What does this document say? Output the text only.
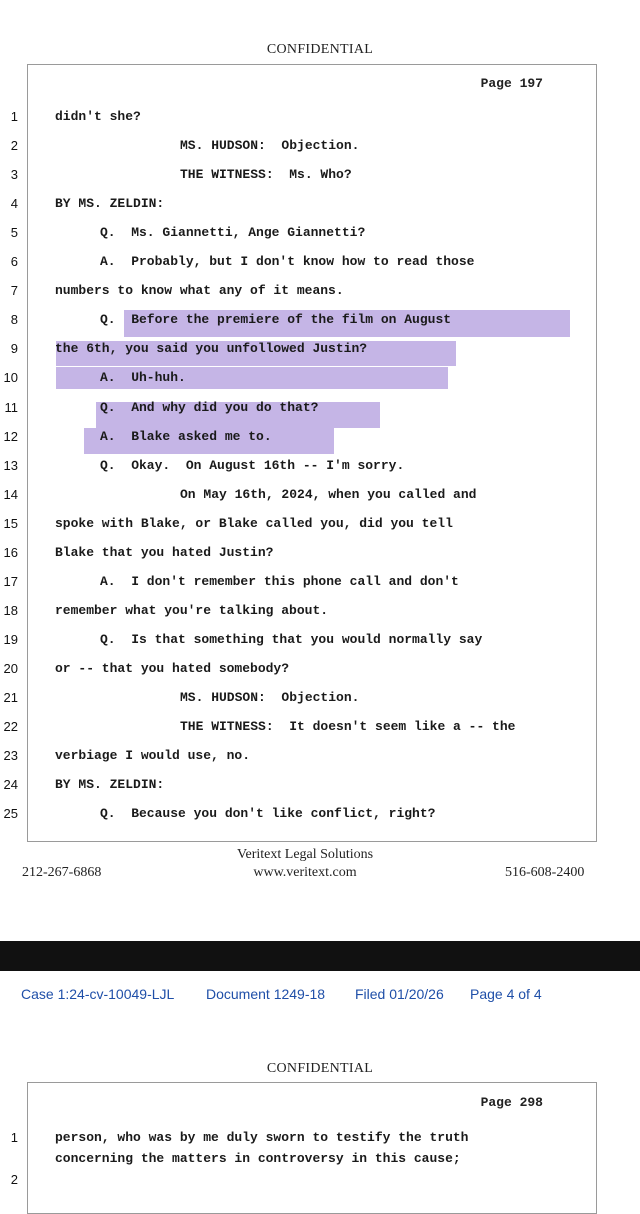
CONFIDENTIAL
Page 197
1	didn't she?
2	MS. HUDSON:  Objection.
3	THE WITNESS:  Ms. Who?
4	BY MS. ZELDIN:
5	Q.  Ms. Giannetti, Ange Giannetti?
6	A.  Probably, but I don't know how to read those
7	numbers to know what any of it means.
8	Q.  Before the premiere of the film on August
9	the 6th, you said you unfollowed Justin?
10	A.  Uh-huh.
11	Q.  And why did you do that?
12	A.  Blake asked me to.
13	Q.  Okay.  On August 16th -- I'm sorry.
14	On May 16th, 2024, when you called and
15	spoke with Blake, or Blake called you, did you tell
16	Blake that you hated Justin?
17	A.  I don't remember this phone call and don't
18	remember what you're talking about.
19	Q.  Is that something that you would normally say
20	or -- that you hated somebody?
21	MS. HUDSON:  Objection.
22	THE WITNESS:  It doesn't seem like a -- the
23	verbiage I would use, no.
24	BY MS. ZELDIN:
25	Q.  Because you don't like conflict, right?
Veritext Legal Solutions
212-267-6868	www.veritext.com	516-608-2400
Case 1:24-cv-10049-LJL Document 1249-18 Filed 01/20/26 Page 4 of 4
CONFIDENTIAL
Page 298
1	person, who was by me duly sworn to testify the truth
concerning the matters in controversy in this cause;
2
